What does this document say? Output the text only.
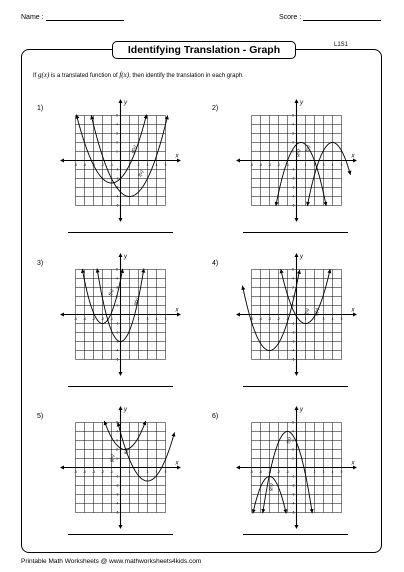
Name :	Score :
Identifying Translation - Graph	L1S1
If g(x) is a translated function of f(x), then identify the translation in each graph.
1)	2)
3)	4)
5)	6)
x
y
-5 -4 -3 -2 -1	1 2 3 4 5
5
4
3
2
1
-1
-2
-3
-4
-5
f(x)
g(x)
x
y
-5 -4 -3 -2 -1	1 2 3 4 5
5
4
3
2
1
-1
-2
-3
-4
-5
f(x)
g(x)
x
y
-5 -4 -3 -2 -1	1 2 3 4 5
5
4
3
2
1
-1
-2
-3
-4
-5
f(x)
g(x)
x
y
-5 -4 -3 -2 -1	1 2 3 4 5
5
4
3
2
1
-1
-2
-3
-4
-5
f(x) g(x)
x
y
-5 -4 -3 -2 -1	1 2 3 4 5
5
4
3
2
1
-1
-2
-3
-4
-5
f(x)
g(x)
x
y
-5 -4 -3 -2 -1	1 2 3 4 5
5
4
3
2
1
-1
-2
-3
-4
-5
f(x)
g(x)
Printable Math Worksheets @ www.mathworksheets4kids.com
